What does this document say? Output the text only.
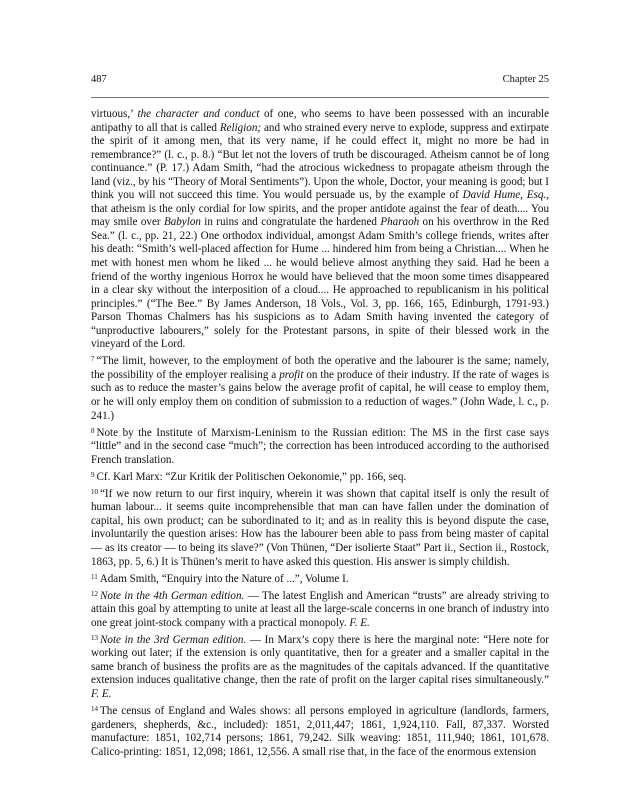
487	Chapter 25

virtuous,’ the character and conduct of one, who seems to have been possessed with an incurable antipathy to all that is called Religion; and who strained every nerve to explode, suppress and extirpate the spirit of it among men, that its very name, if he could effect it, might no more be had in remembrance?” (l. c., p. 8.) “But let not the lovers of truth be discouraged. Atheism cannot be of long continuance.” (P. 17.) Adam Smith, “had the atrocious wickedness to propagate atheism through the land (viz., by his “Theory of Moral Sentiments”). Upon the whole, Doctor, your meaning is good; but I think you will not succeed this time. You would persuade us, by the example of David Hume, Esq., that atheism is the only cordial for low spirits, and the proper antidote against the fear of death.... You may smile over Babylon in ruins and congratulate the hardened Pharaoh on his overthrow in the Red Sea.” (l. c., pp. 21, 22.) One orthodox individual, amongst Adam Smith’s college friends, writes after his death: “Smith’s well-placed affection for Hume ... hindered him from being a Christian.... When he met with honest men whom he liked ... he would believe almost anything they said. Had he been a friend of the worthy ingenious Horrox he would have believed that the moon some times disappeared in a clear sky without the interposition of a cloud.... He approached to republicanism in his political principles.” (“The Bee.” By James Anderson, 18 Vols., Vol. 3, pp. 166, 165, Edinburgh, 1791-93.) Parson Thomas Chalmers has his suspicions as to Adam Smith having invented the category of “unproductive labourers,” solely for the Protestant parsons, in spite of their blessed work in the vineyard of the Lord.

$^7$ “The limit, however, to the employment of both the operative and the labourer is the same; namely, the possibility of the employer realising a profit on the produce of their industry. If the rate of wages is such as to reduce the master’s gains below the average profit of capital, he will cease to employ them, or he will only employ them on condition of submission to a reduction of wages.” (John Wade, l. c., p. 241.)

$^8$ Note by the Institute of Marxism-Leninism to the Russian edition: The MS in the first case says “little” and in the second case “much”; the correction has been introduced according to the authorised French translation.

$^9$ Cf. Karl Marx: “Zur Kritik der Politischen Oekonomie,” pp. 166, seq.

$^{10}$ “If we now return to our first inquiry, wherein it was shown that capital itself is only the result of human labour... it seems quite incomprehensible that man can have fallen under the domination of capital, his own product; can be subordinated to it; and as in reality this is beyond dispute the case, involuntarily the question arises: How has the labourer been able to pass from being master of capital — as its creator — to being its slave?” (Von Thünen, “Der isolierte Staat” Part ii., Section ii., Rostock, 1863, pp. 5, 6.) It is Thünen’s merit to have asked this question. His answer is simply childish.

$^{11}$ Adam Smith, “Enquiry into the Nature of ...”, Volume I.

$^{12}$ Note in the 4th German edition. — The latest English and American “trusts” are already striving to attain this goal by attempting to unite at least all the large-scale concerns in one branch of industry into one great joint-stock company with a practical monopoly. F. E.

$^{13}$ Note in the 3rd German edition. — In Marx’s copy there is here the marginal note: “Here note for working out later; if the extension is only quantitative, then for a greater and a smaller capital in the same branch of business the profits are as the magnitudes of the capitals advanced. If the quantitative extension induces qualitative change, then the rate of profit on the larger capital rises simultaneously.” F. E.

$^{14}$ The census of England and Wales shows: all persons employed in agriculture (landlords, farmers, gardeners, shepherds, &c., included): 1851, 2,011,447; 1861, 1,924,110. Fall, 87,337. Worsted manufacture: 1851, 102,714 persons; 1861, 79,242. Silk weaving: 1851, 111,940; 1861, 101,678. Calico-printing: 1851, 12,098; 1861, 12,556. A small rise that, in the face of the enormous extension
